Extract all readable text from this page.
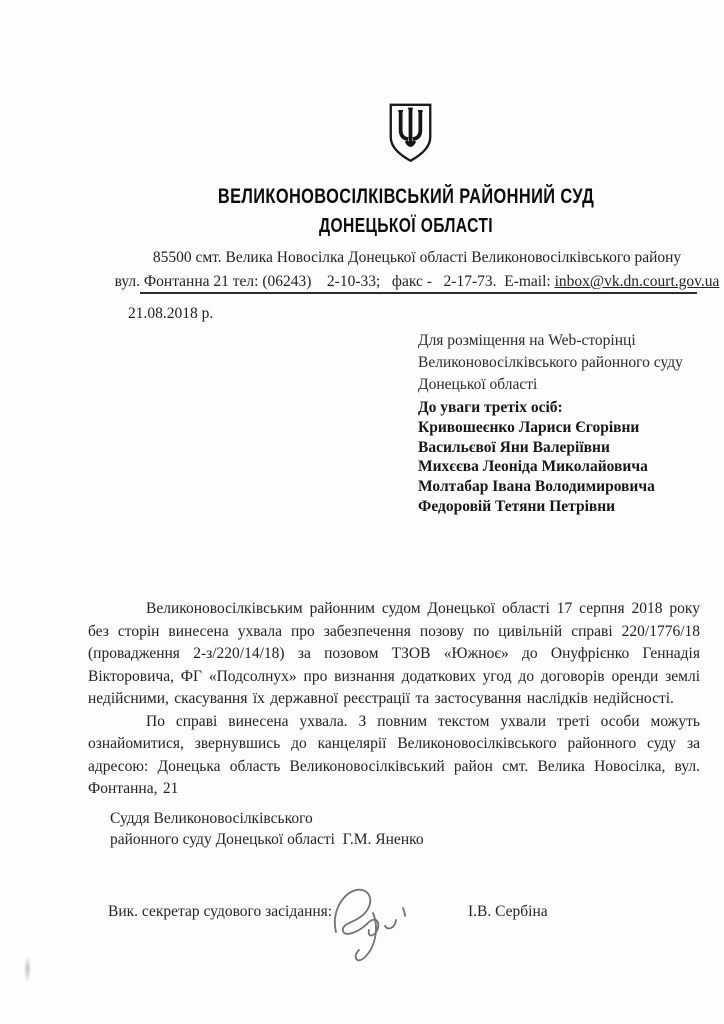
ВЕЛИКОНОВОСІЛКІВСЬКИЙ РАЙОННИЙ СУД
ДОНЕЦЬКОЇ ОБЛАСТІ
85500 смт. Велика Новосілка Донецької області Великоновосілківського району
вул. Фонтанна 21 тел: (06243)    2-10-33;   факс -   2-17-73.  E-mail: inbox@vk.dn.court.gov.ua
21.08.2018 р.
Для розміщення на Web-сторінці
Великоновосілківського районного суду
Донецької області
До уваги третіх осіб:
Кривошеєнко Лариси Єгорівни
Васильєвої Яни Валеріївни
Михєєва Леоніда Миколайовича
Молтабар Івана Володимировича
Федоровій Тетяни Петрівни

Великоновосілківським районним судом Донецької області 17 серпня 2018 року без сторін винесена ухвала про забезпечення позову по цивільній справі 220/1776/18 (провадження 2-з/220/14/18) за позовом ТЗОВ «Южноє» до Онуфрієнко Геннадія Вікторовича, ФГ «Подсолнух» про визнання додаткових угод до договорів оренди землі недійсними, скасування їх державної реєстрації та застосування наслідків недійсності.

По справі винесена ухвала. З повним текстом ухвали треті особи можуть ознайомитися, звернувшись до канцелярії Великоновосілківського районного суду за адресою: Донецька область Великоновосілківський район смт. Велика Новосілка, вул. Фонтанна, 21

Суддя Великоновосілківського
районного суду Донецької області  Г.М. Яненко
Вик. секретар судового засідання:	І.В. Сербіна
